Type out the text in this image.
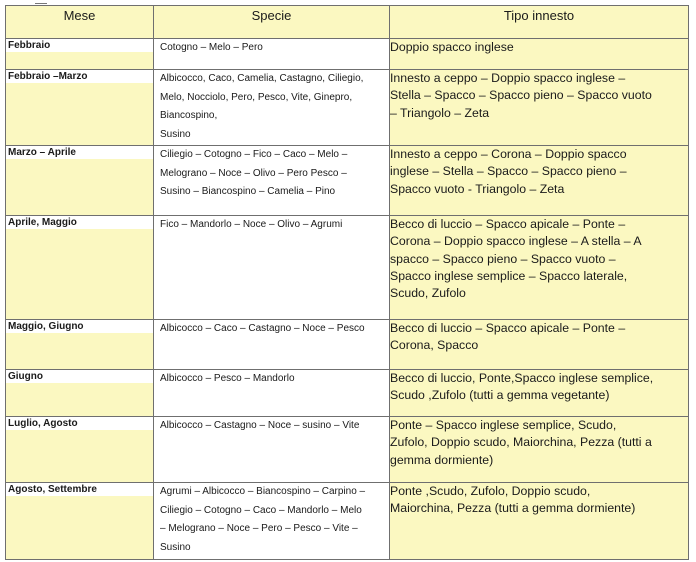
Mese	Specie	Tipo innesto

Febbraio	Cotogno – Melo – Pero	Doppio spacco inglese

Febbraio –Marzo	Albicocco, Caco, Camelia, Castagno, Ciliegio,
Melo, Nocciolo, Pero, Pesco, Vite, Ginepro,
Biancospino,
Susino	Innesto a ceppo – Doppio spacco inglese –
Stella – Spacco – Spacco pieno – Spacco vuoto
– Triangolo – Zeta

Marzo – Aprile	Ciliegio – Cotogno – Fico – Caco – Melo –
Melograno – Noce – Olivo – Pero Pesco –
Susino – Biancospino – Camelia – Pino	Innesto a ceppo – Corona – Doppio spacco
inglese – Stella – Spacco – Spacco pieno –
Spacco vuoto - Triangolo – Zeta

Aprile, Maggio	Fico – Mandorlo – Noce – Olivo – Agrumi	Becco di luccio – Spacco apicale – Ponte –
Corona – Doppio spacco inglese – A stella – A
spacco – Spacco pieno – Spacco vuoto –
Spacco inglese semplice – Spacco laterale,
Scudo, Zufolo

Maggio, Giugno	Albicocco – Caco – Castagno – Noce – Pesco	Becco di luccio – Spacco apicale – Ponte –
Corona, Spacco

Giugno	Albicocco – Pesco – Mandorlo	Becco di luccio, Ponte,Spacco inglese semplice,
Scudo ,Zufolo (tutti a gemma vegetante)

Luglio, Agosto	Albicocco – Castagno – Noce – susino – Vite	Ponte – Spacco inglese semplice, Scudo,
Zufolo, Doppio scudo, Maiorchina, Pezza (tutti a
gemma dormiente)

Agosto, Settembre	Agrumi – Albicocco – Biancospino – Carpino –
Ciliegio – Cotogno – Caco – Mandorlo – Melo
– Melograno – Noce – Pero – Pesco – Vite –
Susino	Ponte ,Scudo, Zufolo, Doppio scudo,
Maiorchina, Pezza (tutti a gemma dormiente)
